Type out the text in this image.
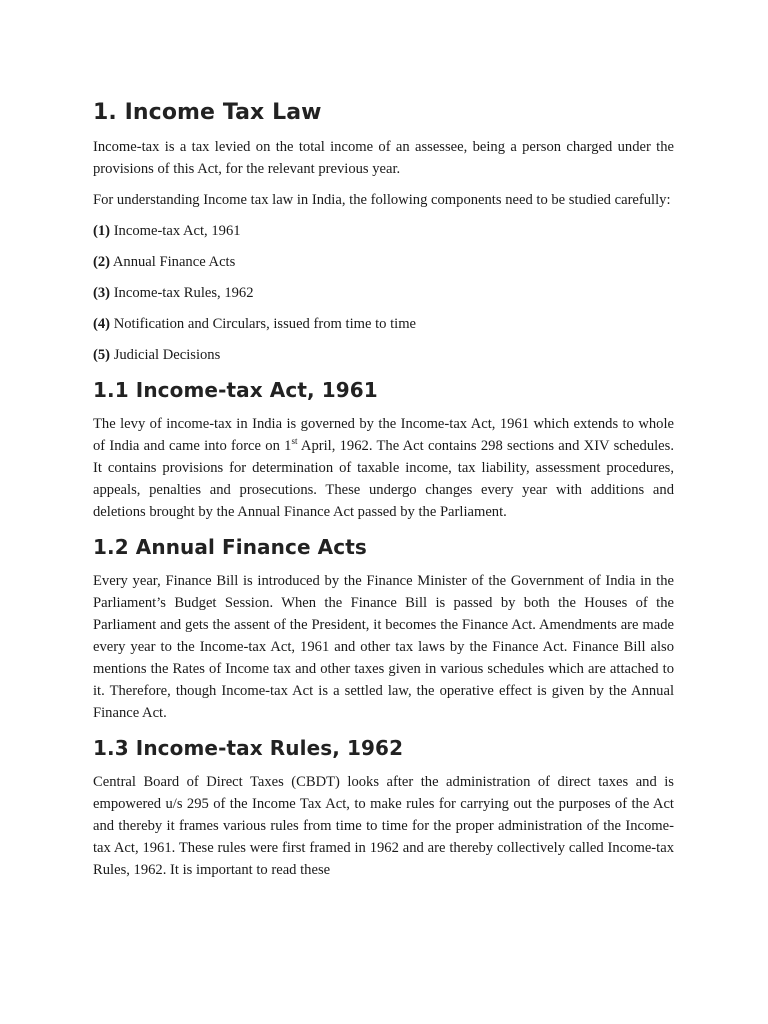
1. Income Tax Law

Income-tax is a tax levied on the total income of an assessee, being a person charged under the provisions of this Act, for the relevant previous year.

For understanding Income tax law in India, the following components need to be studied carefully:

(1) Income-tax Act, 1961

(2) Annual Finance Acts

(3) Income-tax Rules, 1962

(4) Notification and Circulars, issued from time to time

(5) Judicial Decisions

1.1 Income-tax Act, 1961

The levy of income-tax in India is governed by the Income-tax Act, 1961 which extends to whole of India and came into force on 1st April, 1962. The Act contains 298 sections and XIV schedules. It contains provisions for determination of taxable income, tax liability, assessment procedures, appeals, penalties and prosecutions. These undergo changes every year with additions and deletions brought by the Annual Finance Act passed by the Parliament.

1.2 Annual Finance Acts

Every year, Finance Bill is introduced by the Finance Minister of the Government of India in the Parliament’s Budget Session. When the Finance Bill is passed by both the Houses of the Parliament and gets the assent of the President, it becomes the Finance Act. Amendments are made every year to the Income-tax Act, 1961 and other tax laws by the Finance Act. Finance Bill also mentions the Rates of Income tax and other taxes given in various schedules which are attached to it. Therefore, though Income-tax Act is a settled law, the operative effect is given by the Annual Finance Act.

1.3 Income-tax Rules, 1962

Central Board of Direct Taxes (CBDT) looks after the administration of direct taxes and is empowered u/s 295 of the Income Tax Act, to make rules for carrying out the purposes of the Act and thereby it frames various rules from time to time for the proper administration of the Income-tax Act, 1961. These rules were first framed in 1962 and are thereby collectively called Income-tax Rules, 1962. It is important to read these
